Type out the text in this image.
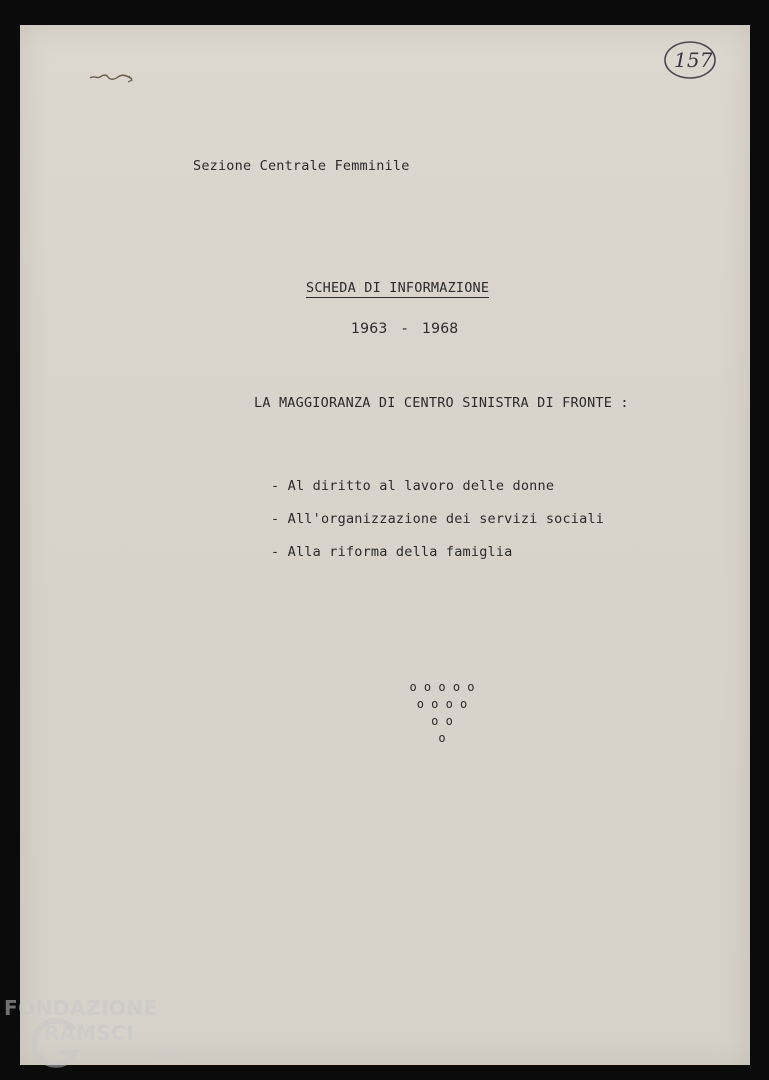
157
Sezione Centrale Femminile
SCHEDA DI INFORMAZIONE
1963 - 1968
LA MAGGIORANZA DI CENTRO SINISTRA DI FRONTE :
- Al diritto al lavoro delle donne
- All'organizzazione dei servizi sociali
- Alla riforma della famiglia
o o o o o
o o o o
o o
o
FONDAZIONE
RAMSCI
onlus
